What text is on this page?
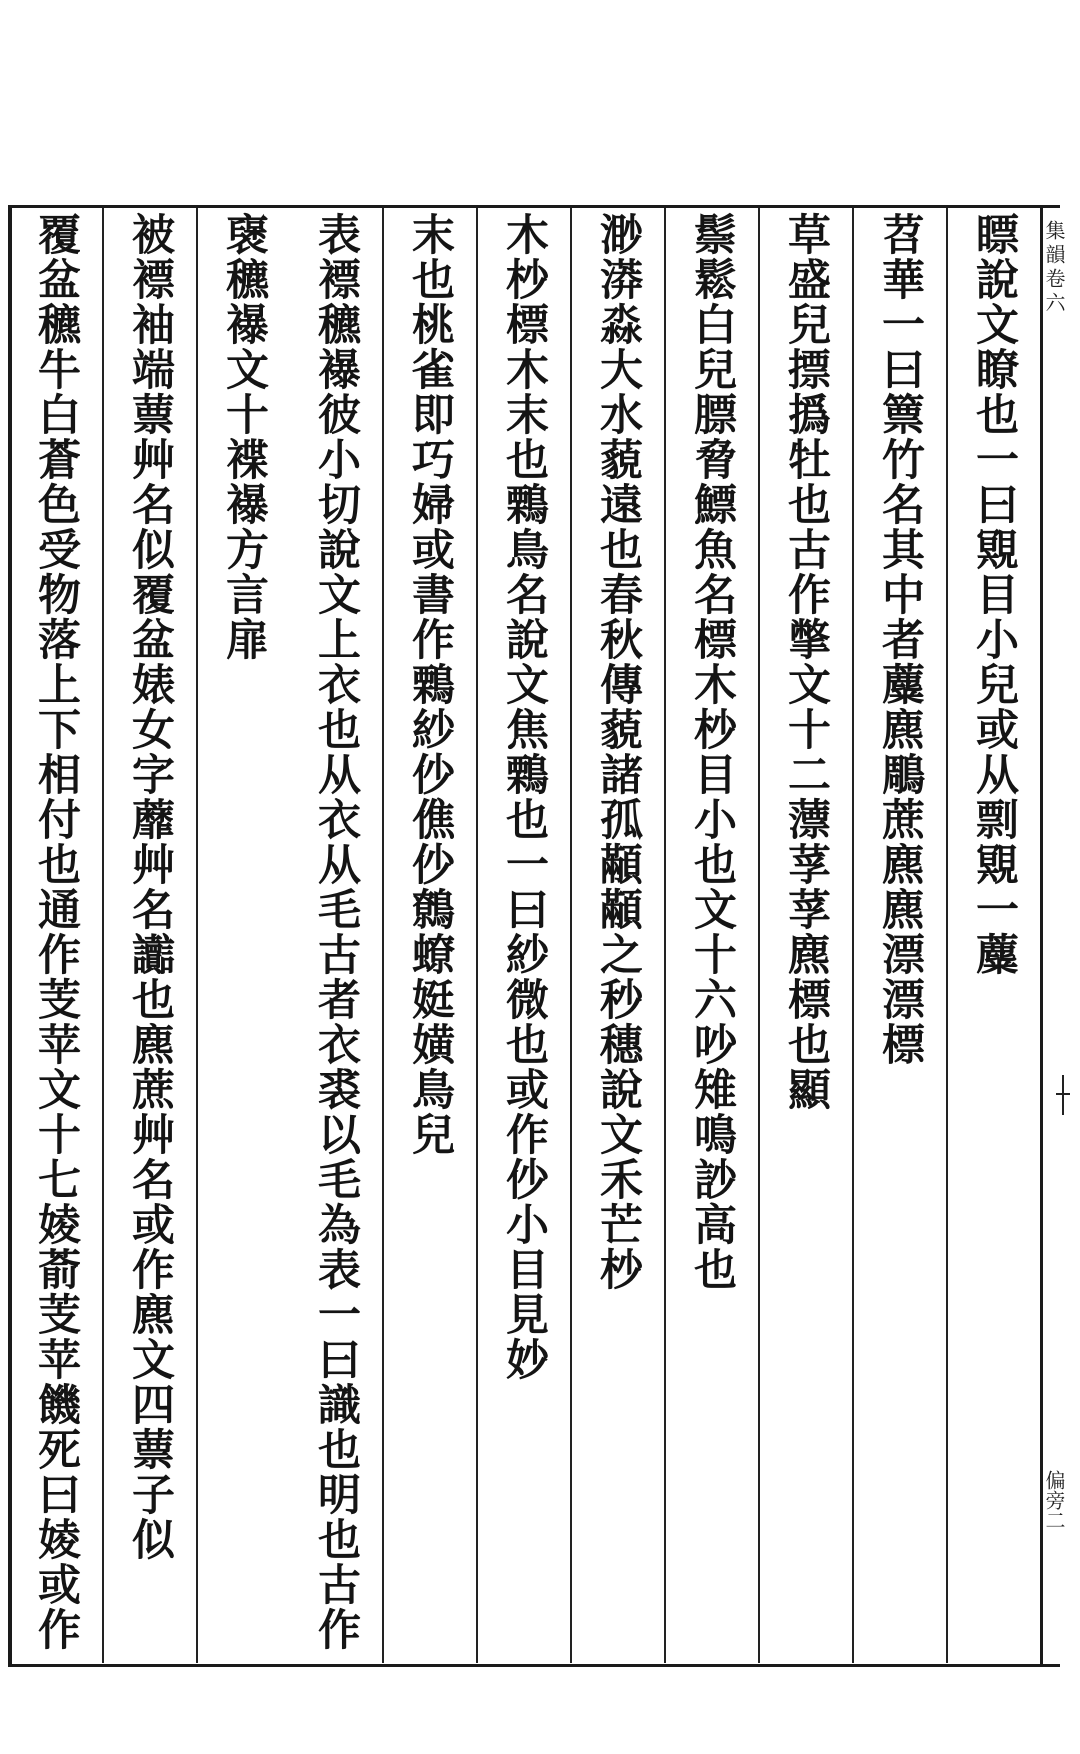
集韻卷六
偏旁二
瞟說文瞭也一曰覭目小兒或从剽覭一蘪
苕華一曰篻竹名其中者蘪麃鵰蔗麃麃漂漂標
草盛兒摽撝牡也古作撆文十二薸莩莩麃標也顯
鬃鬆白兒膘脅鰾魚名標木杪目小也文十六吵雉鳴訬高也
渺漭淼大水藐遠也春秋傳藐諸孤顢顢之秒穗說文禾芒杪
木杪標木末也鷅鳥名說文焦鷅也一曰紗微也或作仯小目見妙
末也桃雀即巧婦或書作鷅紗仯僬仯鷯蟟娗嫹鳥兒
表褾穮襮彼小切說文上衣也从衣从毛古者衣裘以毛為表一曰識也明也古作襃穮襮文十褋襮方言扉
被褾袖端蔈艸名似覆盆婊女字蘼艸名讟也麃蔗艸名或作麃文四蔈子似
覆盆穮牛白蒼色受物落上下相付也通作芰苹文十七婈萮芰苹饑死曰婈或作
